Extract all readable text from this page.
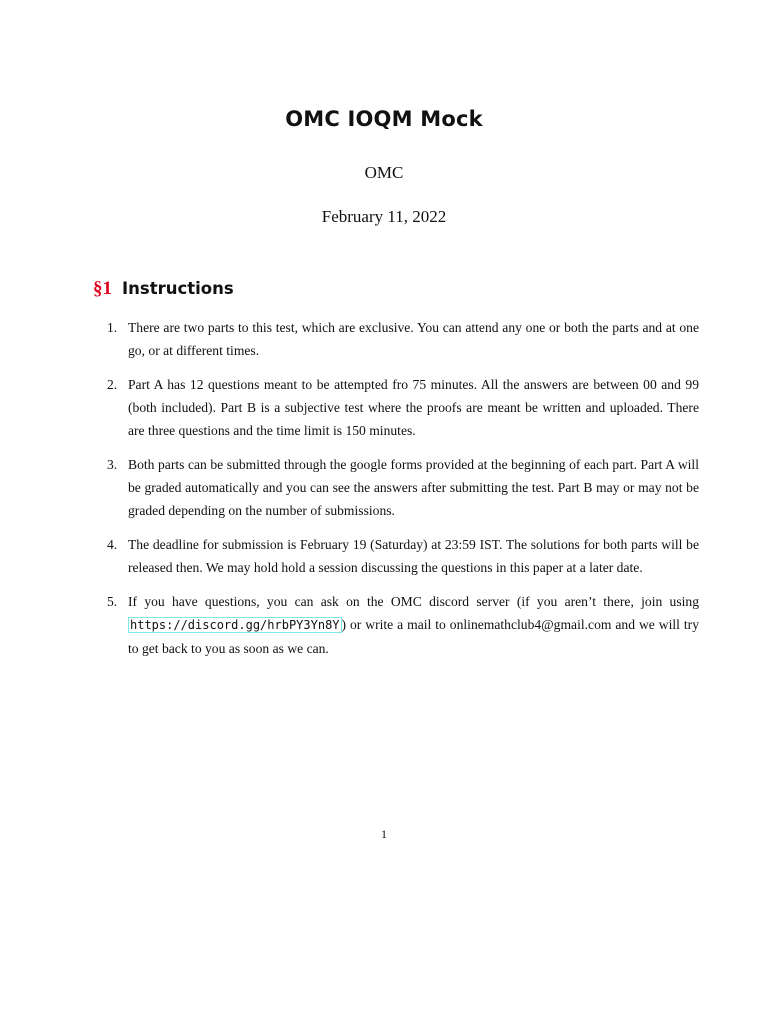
OMC IOQM Mock
OMC
February 11, 2022
§1 Instructions
1. There are two parts to this test, which are exclusive. You can attend any one or both the parts and at one go, or at different times.
2. Part A has 12 questions meant to be attempted fro 75 minutes. All the answers are between 00 and 99 (both included). Part B is a subjective test where the proofs are meant be written and uploaded. There are three questions and the time limit is 150 minutes.
3. Both parts can be submitted through the google forms provided at the beginning of each part. Part A will be graded automatically and you can see the answers after submitting the test. Part B may or may not be graded depending on the number of submissions.
4. The deadline for submission is February 19 (Saturday) at 23:59 IST. The solutions for both parts will be released then. We may hold hold a session discussing the questions in this paper at a later date.
5. If you have questions, you can ask on the OMC discord server (if you aren’t there, join using https://discord.gg/hrbPY3Yn8Y ) or write a mail to onlinemathclub4@gmail.com and we will try to get back to you as soon as we can.
1
